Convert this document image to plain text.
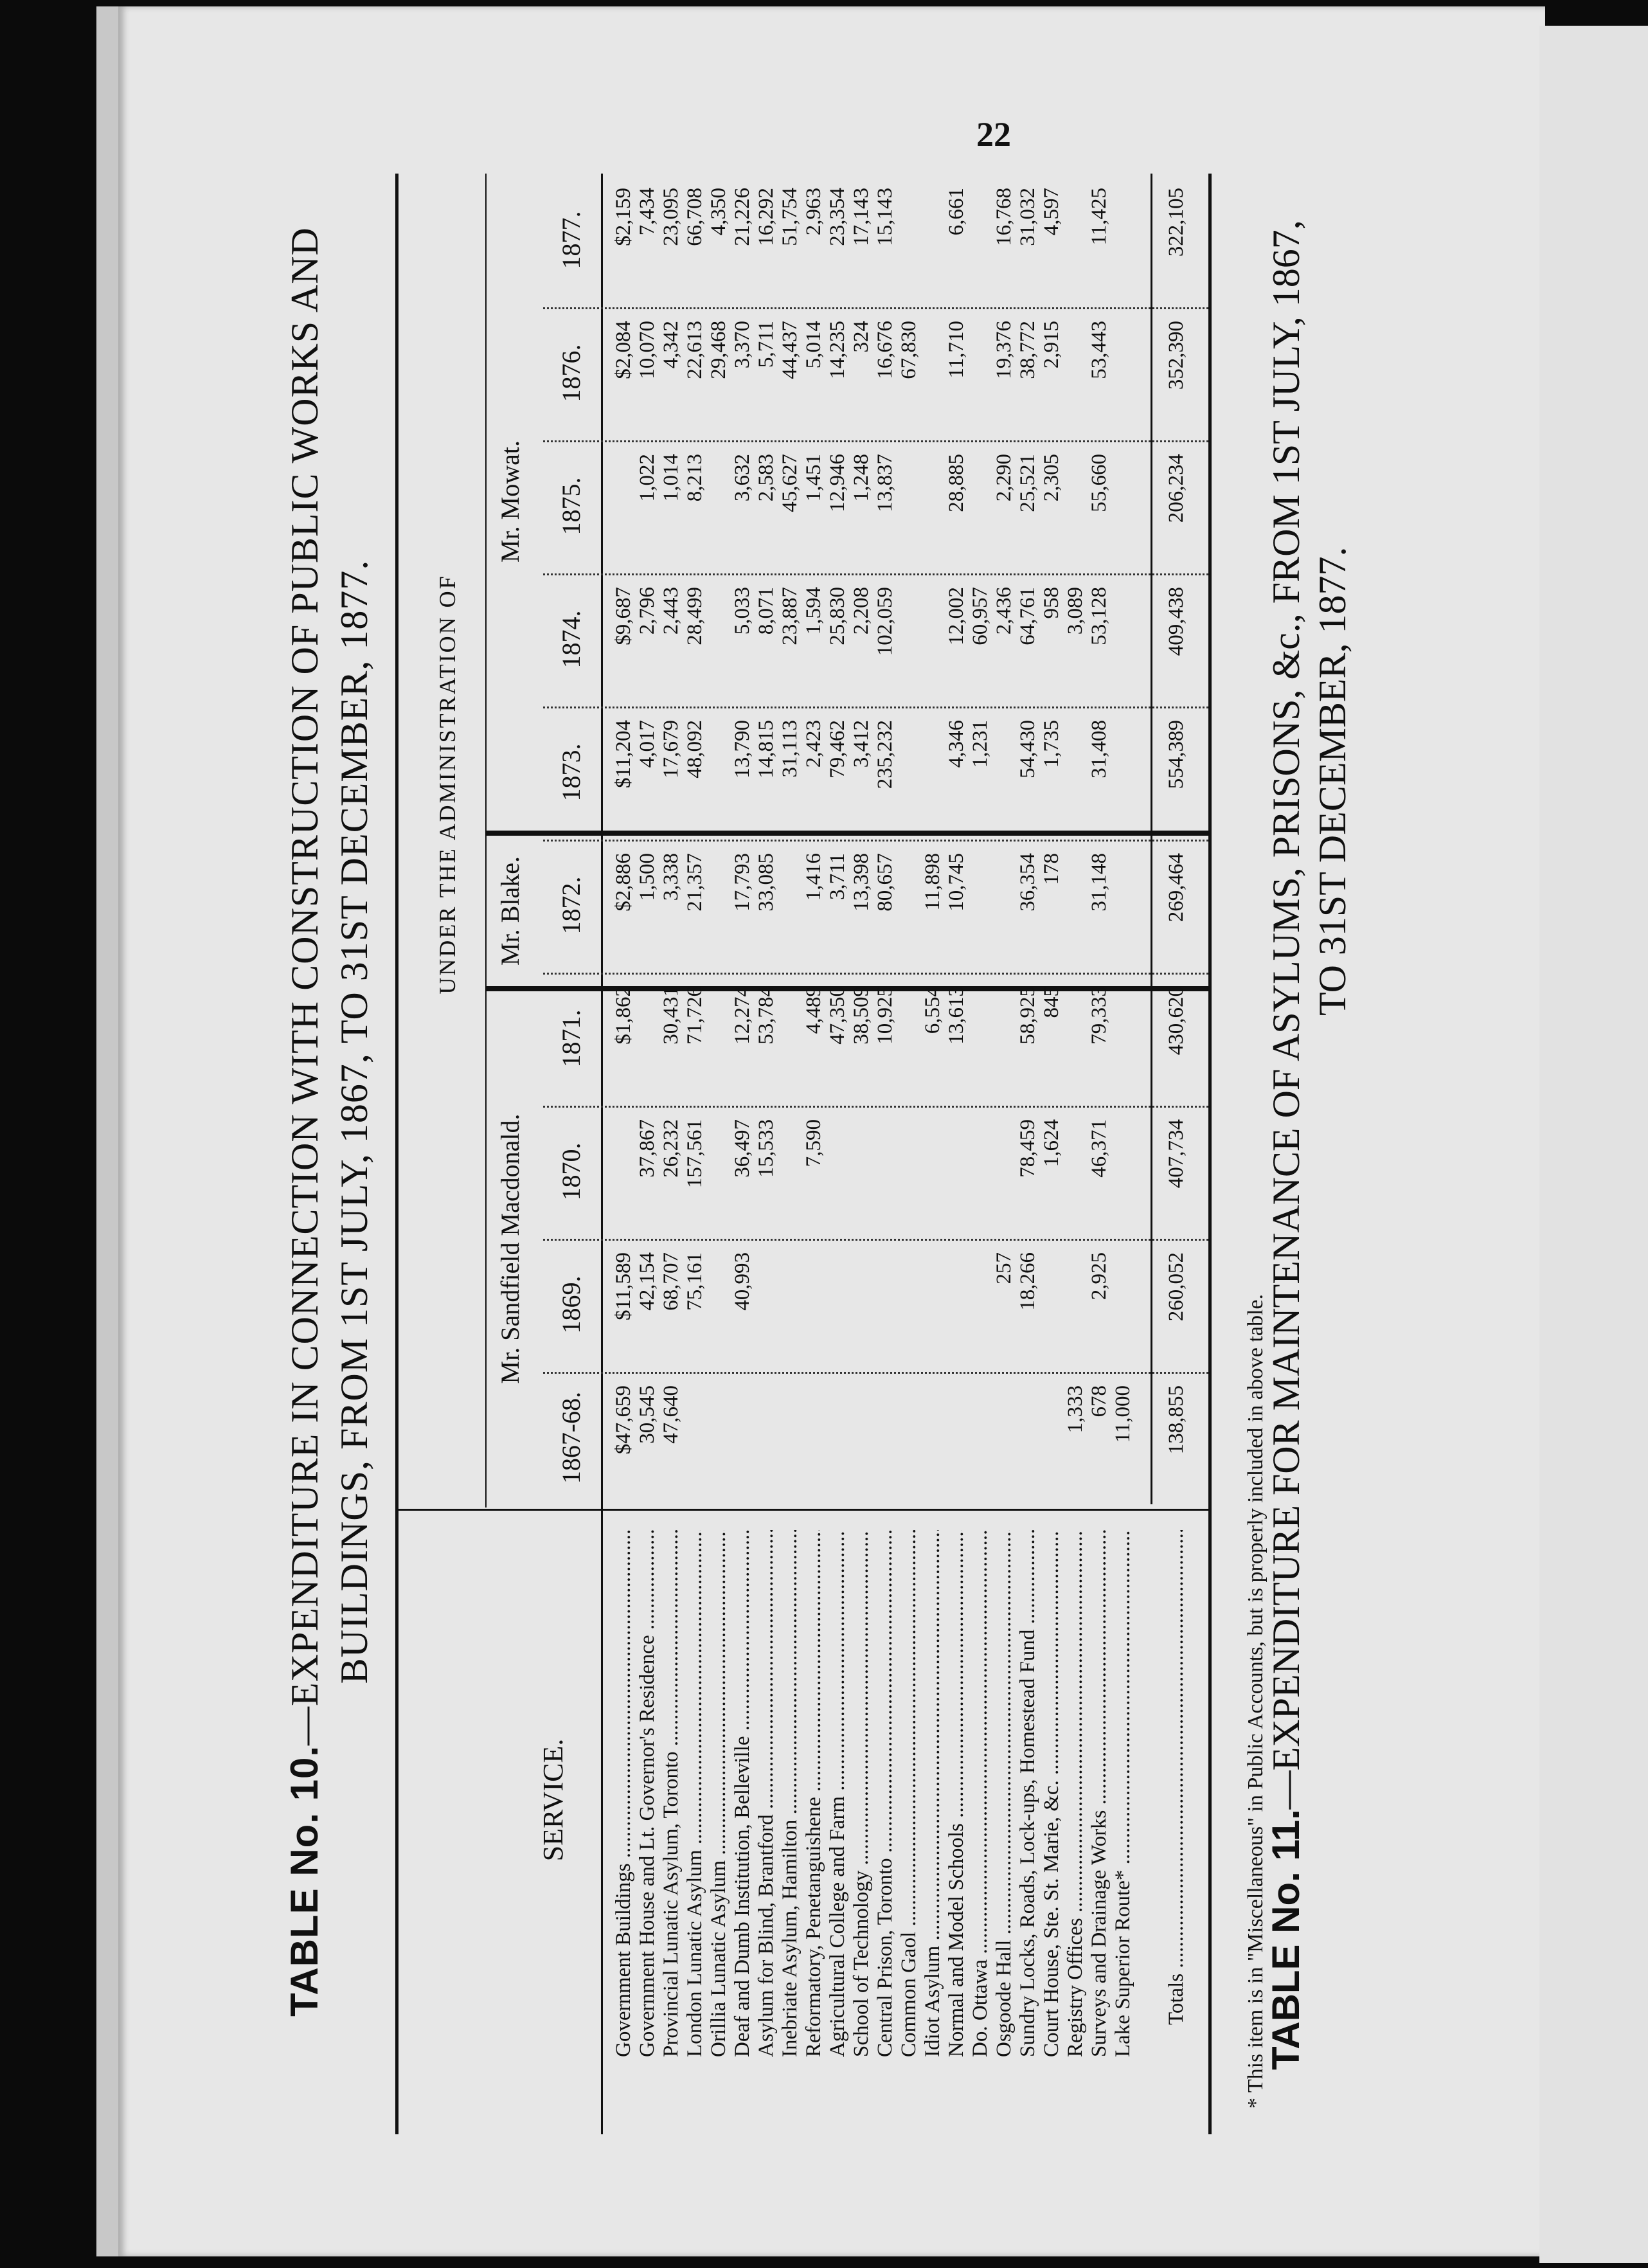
22
TABLE No. 10.—EXPENDITURE IN CONNECTION WITH CONSTRUCTION OF PUBLIC WORKS AND BUILDINGS, FROM 1ST JULY, 1867, TO 31ST DECEMBER, 1877.
SERVICE.
UNDER THE ADMINISTRATION OF
Mr. Sandfield Macdonald.
Mr. Blake.
Mr. Mowat.
1867-68.
1869.
1870.
1871.
1872.
1873.
1874.
1875.
1876.
1877.
Government Buildings .....
$47,659
$11,589
$1,862
$2,886
$11,204
$9,687
$2,084
$2,159
Government House and Lt. Governor's Residence .....
30,545
42,154
37,867
1,500
4,017
2,796
1,022
10,070
7,434
Provincial Lunatic Asylum, Toronto .....
47,640
68,707
26,232
30,431
3,338
17,679
2,443
1,014
4,342
23,095
London Lunatic Asylum .....
75,161
157,561
71,726
21,357
48,092
28,499
8,213
22,613
66,708
Orillia Lunatic Asylum .....
29,468
4,350
Deaf and Dumb Institution, Belleville .....
40,993
36,497
12,274
17,793
13,790
5,033
3,632
3,370
21,226
Asylum for Blind, Brantford .....
15,533
53,784
33,085
14,815
8,071
2,583
5,711
16,292
Inebriate Asylum, Hamilton .....
31,113
23,887
45,627
44,437
51,754
Reformatory, Penetanguishene .....
7,590
4,489
1,416
2,423
1,594
1,451
5,014
2,963
Agricultural College and Farm .....
47,350
3,711
79,462
25,830
12,946
14,235
23,354
School of Technology .....
38,509
13,398
3,412
2,208
1,248
324
17,143
Central Prison, Toronto .....
10,925
80,657
235,232
102,059
13,837
16,676
15,143
Common Gaol .....
67,830
Idiot Asylum .....
6,554
11,898
Normal and Model Schools .....
13,613
10,745
4,346
12,002
28,885
11,710
6,661
Do. Ottawa .....
1,231
60,957
Osgoode Hall .....
257
2,436
2,290
19,376
16,768
Sundry Locks, Roads, Lock-ups, Homestead Fund .....
18,266
78,459
58,925
36,354
54,430
64,761
25,521
38,772
31,032
Court House, Ste. St. Marie, &c. .....
1,624
845
178
1,735
958
2,305
2,915
4,597
Registry Offices .....
1,333
3,089
Surveys and Drainage Works .....
678
2,925
46,371
79,333
31,148
31,408
53,128
55,660
53,443
11,425
Lake Superior Route* .....
11,000
Totals .....
138,855
260,052
407,734
430,620
269,464
554,389
409,438
206,234
352,390
322,105
* This item is in "Miscellaneous" in Public Accounts, but is properly included in above table.
TABLE No. 11.—EXPENDITURE FOR MAINTENANCE OF ASYLUMS, PRISONS, &c., FROM 1ST JULY, 1867, TO 31ST DECEMBER, 1877.
